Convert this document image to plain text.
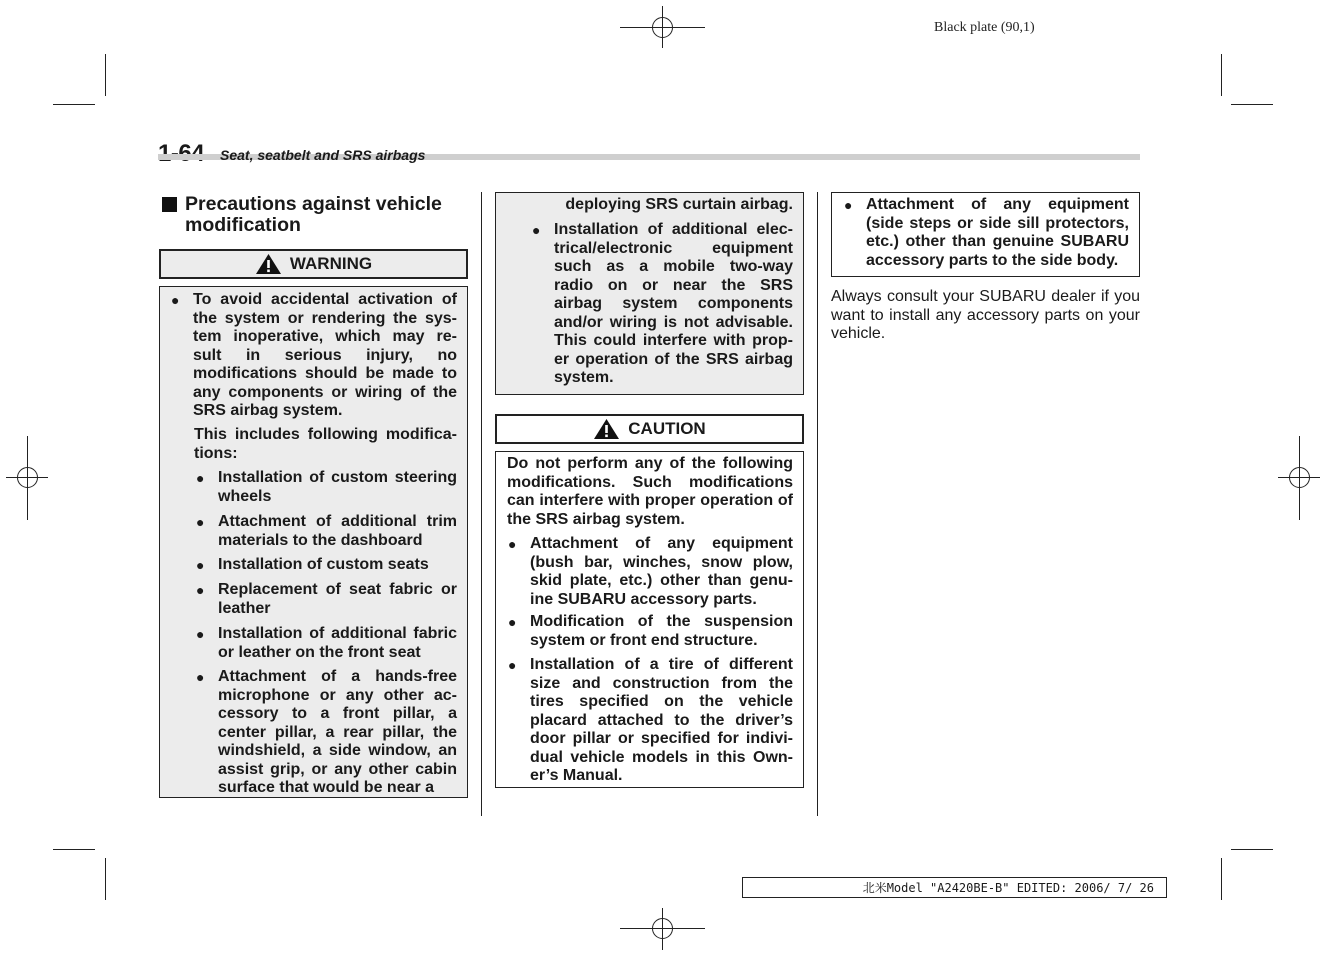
Black plate (90,1)
Seat, seatbelt and SRS airbags
Precautions against vehicle
modification
WARNING
● To avoid accidental activation of the system or rendering the sys- tem inoperative, which may re- sult in serious injury, no modifications should be made to any components or wiring of the SRS airbag system.
This includes following modifica- tions:
● Installation of custom steering wheels
● Attachment of additional trim materials to the dashboard
● Installation of custom seats
● Replacement of seat fabric or leather
● Installation of additional fabric or leather on the front seat
● Attachment of a hands-free microphone or any other ac- cessory to a front pillar, a center pillar, a rear pillar, the windshield, a side window, an assist grip, or any other cabin surface that would be near a
deploying SRS curtain airbag.
● Installation of additional elec- trical/electronic equipment such as a mobile two-way radio on or near the SRS airbag system components and/or wiring is not advisable. This could interfere with prop- er operation of the SRS airbag system.
CAUTION
Do not perform any of the following modifications. Such modifications can interfere with proper operation of the SRS airbag system.
● Attachment of any equipment (bush bar, winches, snow plow, skid plate, etc.) other than genu- ine SUBARU accessory parts.
● Modification of the suspension system or front end structure.
● Installation of a tire of different size and construction from the tires specified on the vehicle placard attached to the driver’s door pillar or specified for indivi- dual vehicle models in this Own- er’s Manual.
● Attachment of any equipment (side steps or side sill protectors, etc.) other than genuine SUBARU accessory parts to the side body.
Always consult your SUBARU dealer if you want to install any accessory parts on your vehicle.
北米Model "A2420BE-B" EDITED: 2006/ 7/ 26
